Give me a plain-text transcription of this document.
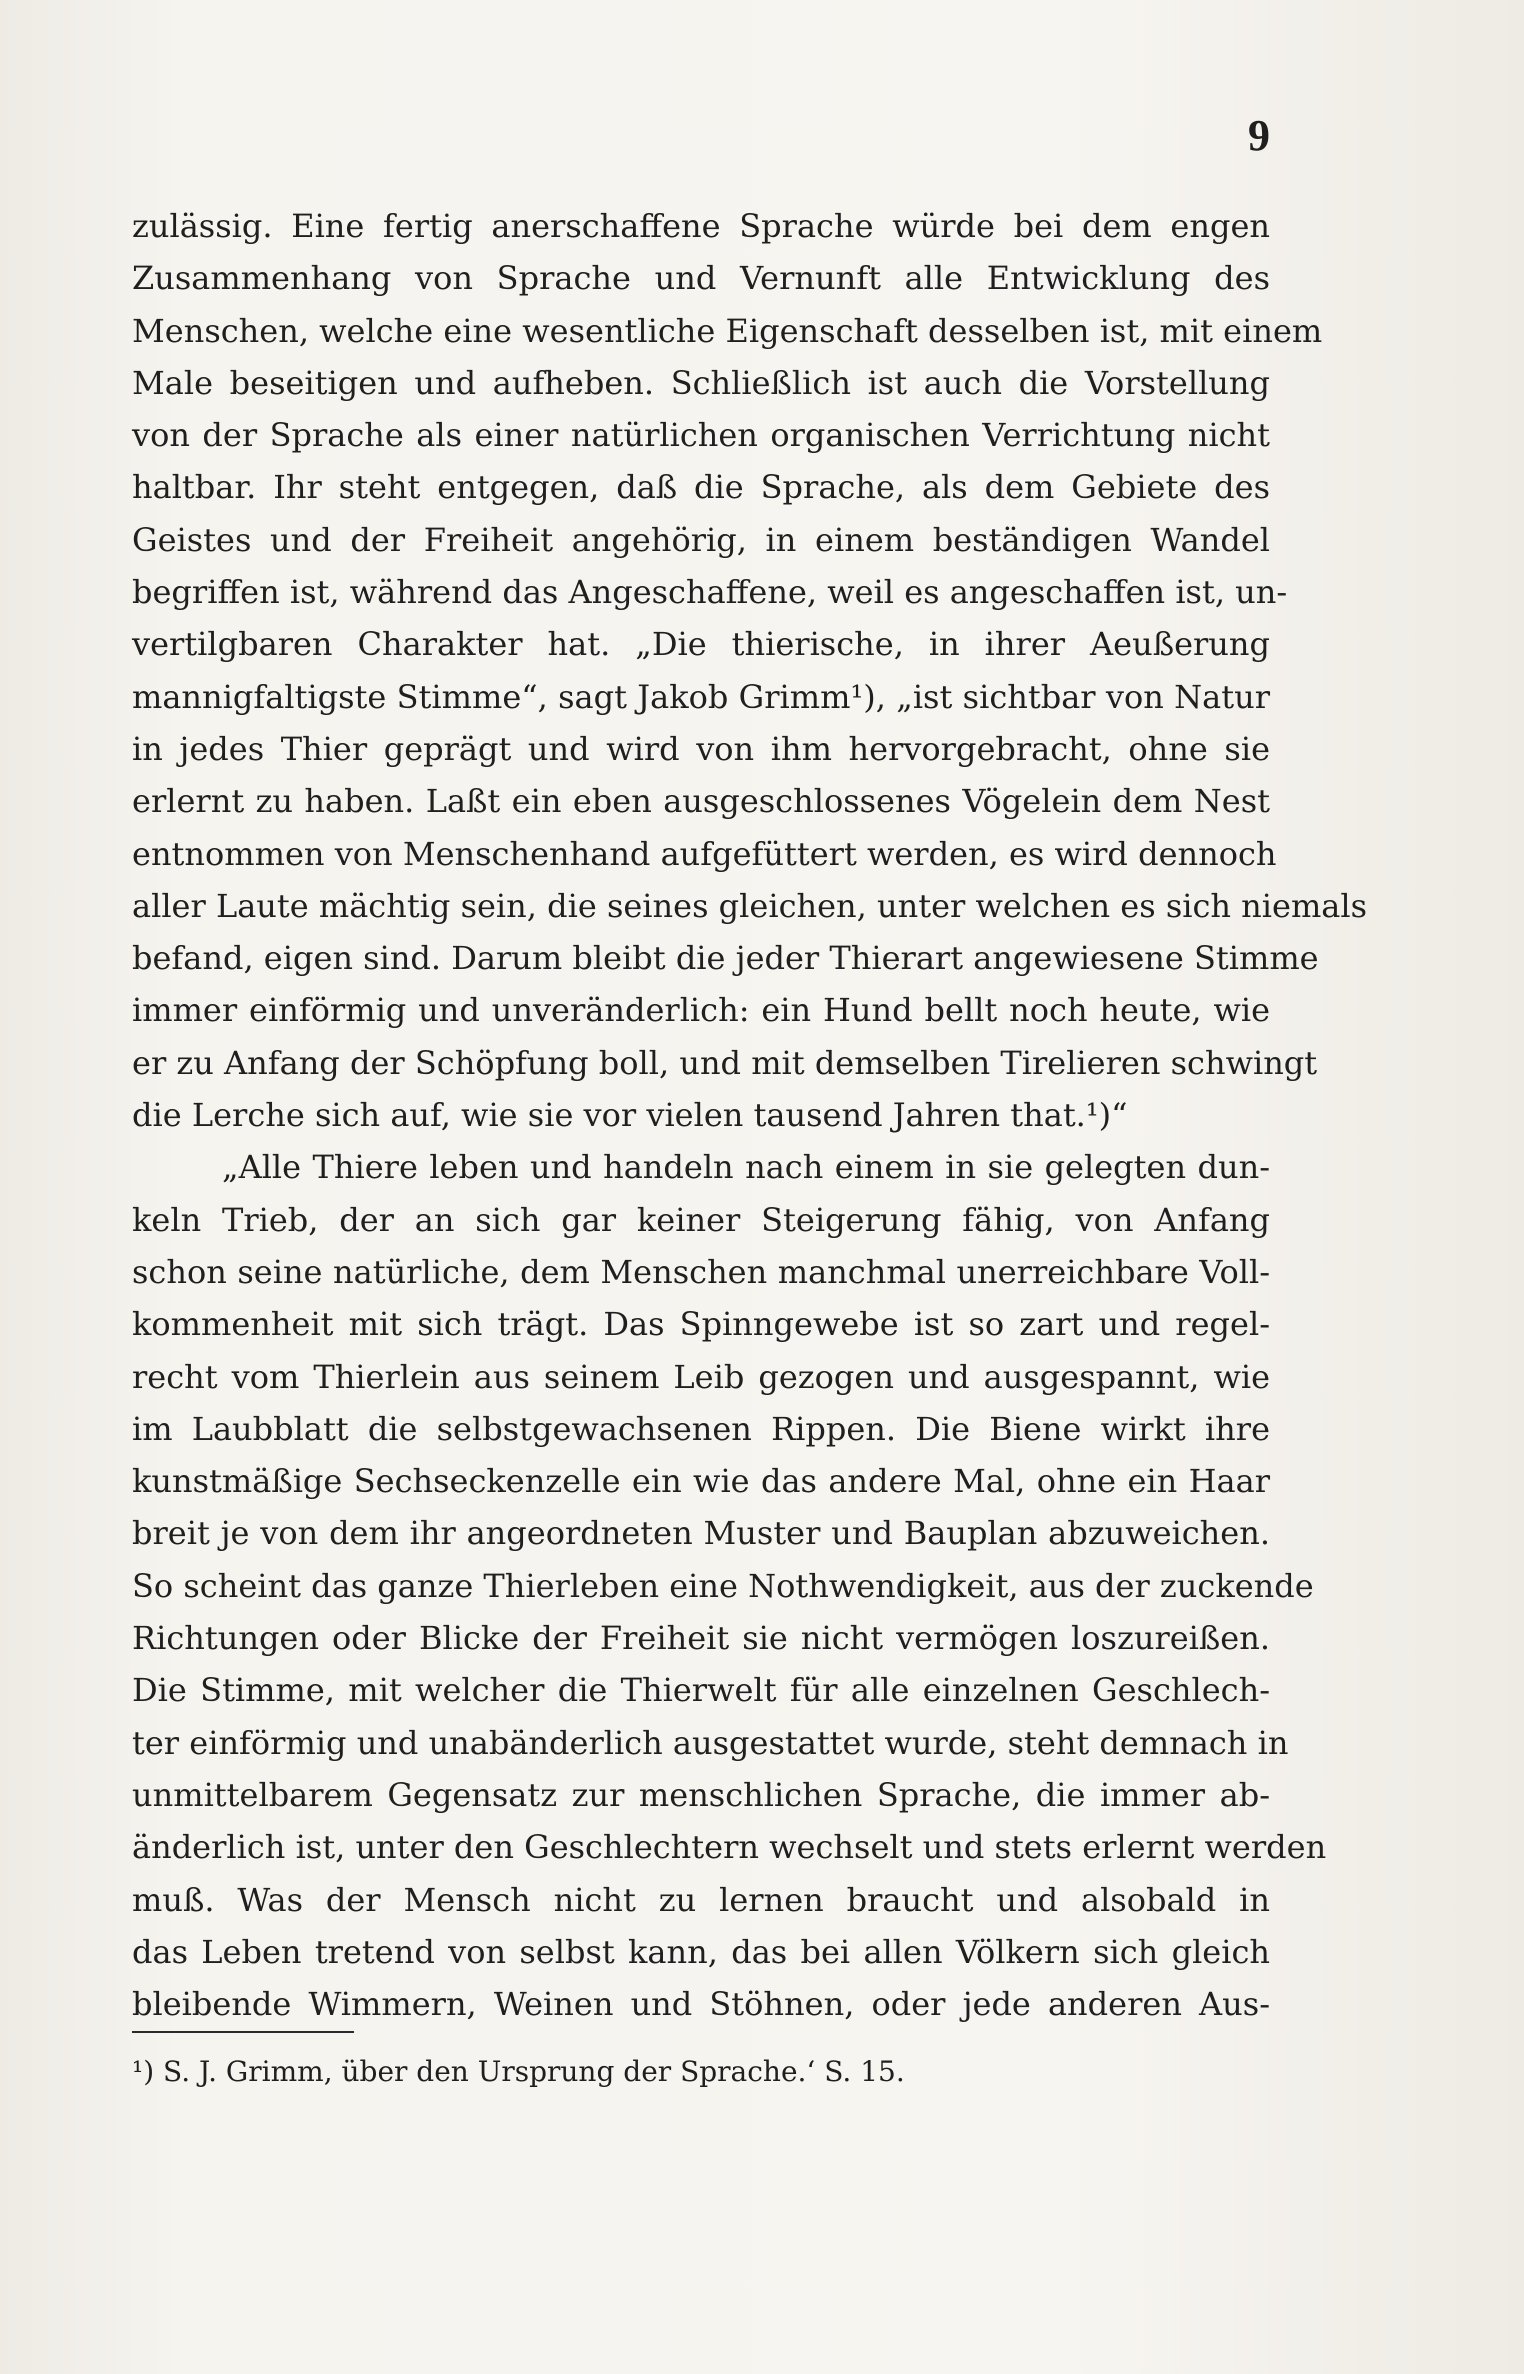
9
zulässig. Eine fertig anerschaffene Sprache würde bei dem engen
Zusammenhang von Sprache und Vernunft alle Entwicklung des
Menschen, welche eine wesentliche Eigenschaft desselben ist, mit einem
Male beseitigen und aufheben. Schließlich ist auch die Vorstellung
von der Sprache als einer natürlichen organischen Verrichtung nicht
haltbar. Ihr steht entgegen, daß die Sprache, als dem Gebiete des
Geistes und der Freiheit angehörig, in einem beständigen Wandel
begriffen ist, während das Angeschaffene, weil es angeschaffen ist, un-
vertilgbaren Charakter hat. „Die thierische, in ihrer Aeußerung
mannigfaltigste Stimme“, sagt Jakob Grimm¹), „ist sichtbar von Natur
in jedes Thier geprägt und wird von ihm hervorgebracht, ohne sie
erlernt zu haben. Laßt ein eben ausgeschlossenes Vögelein dem Nest
entnommen von Menschenhand aufgefüttert werden, es wird dennoch
aller Laute mächtig sein, die seines gleichen, unter welchen es sich niemals
befand, eigen sind. Darum bleibt die jeder Thierart angewiesene Stimme
immer einförmig und unveränderlich: ein Hund bellt noch heute, wie
er zu Anfang der Schöpfung boll, und mit demselben Tirelieren schwingt
die Lerche sich auf, wie sie vor vielen tausend Jahren that.¹)“
„Alle Thiere leben und handeln nach einem in sie gelegten dun-
keln Trieb, der an sich gar keiner Steigerung fähig, von Anfang
schon seine natürliche, dem Menschen manchmal unerreichbare Voll-
kommenheit mit sich trägt. Das Spinngewebe ist so zart und regel-
recht vom Thierlein aus seinem Leib gezogen und ausgespannt, wie
im Laubblatt die selbstgewachsenen Rippen. Die Biene wirkt ihre
kunstmäßige Sechseckenzelle ein wie das andere Mal, ohne ein Haar
breit je von dem ihr angeordneten Muster und Bauplan abzuweichen.
So scheint das ganze Thierleben eine Nothwendigkeit, aus der zuckende
Richtungen oder Blicke der Freiheit sie nicht vermögen loszureißen.
Die Stimme, mit welcher die Thierwelt für alle einzelnen Geschlech-
ter einförmig und unabänderlich ausgestattet wurde, steht demnach in
unmittelbarem Gegensatz zur menschlichen Sprache, die immer ab-
änderlich ist, unter den Geschlechtern wechselt und stets erlernt werden
muß. Was der Mensch nicht zu lernen braucht und alsobald in
das Leben tretend von selbst kann, das bei allen Völkern sich gleich
bleibende Wimmern, Weinen und Stöhnen, oder jede anderen Aus-
¹) S. J. Grimm, über den Ursprung der Sprache.‘ S. 15.
